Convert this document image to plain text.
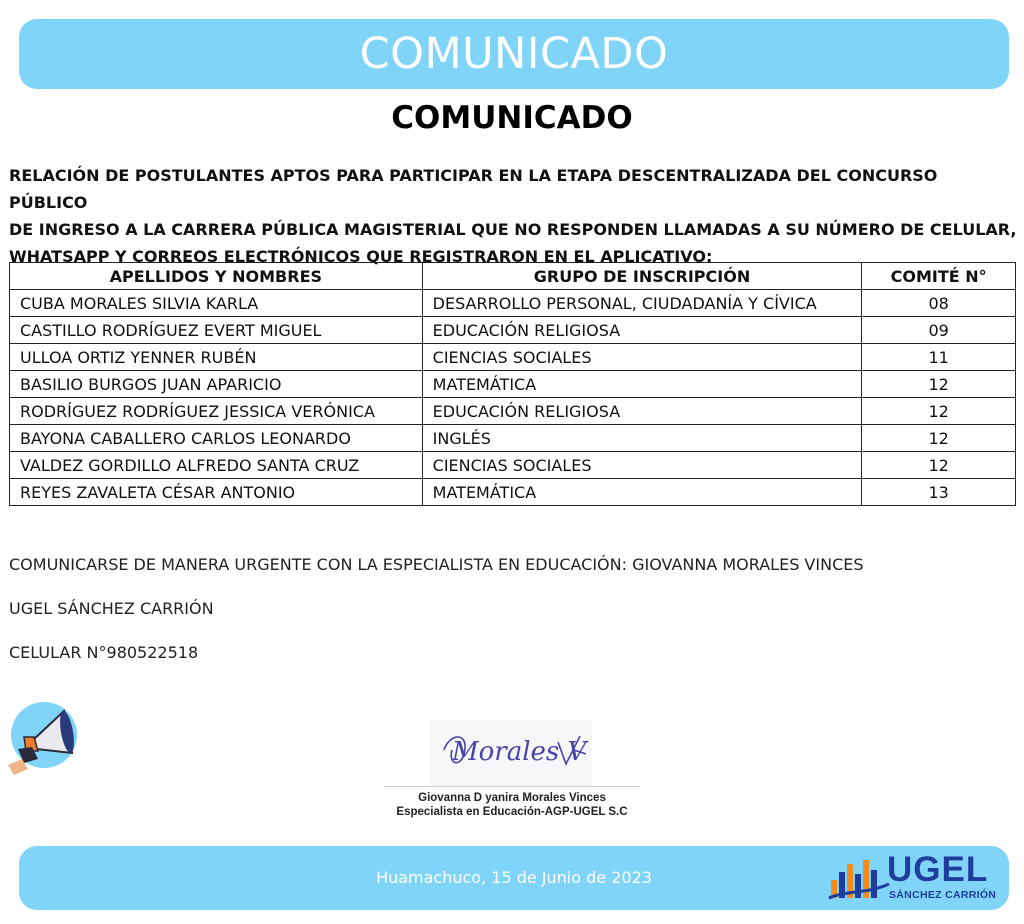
COMUNICADO
COMUNICADO
RELACIÓN DE POSTULANTES APTOS PARA PARTICIPAR EN LA ETAPA DESCENTRALIZADA DEL CONCURSO PÚBLICO
DE INGRESO A LA CARRERA PÚBLICA MAGISTERIAL QUE NO RESPONDEN LLAMADAS A SU NÚMERO DE CELULAR,
WHATSAPP Y CORREOS ELECTRÓNICOS QUE REGISTRARON EN EL APLICATIVO:
APELLIDOS Y NOMBRES	GRUPO DE INSCRIPCIÓN	COMITÉ N°
CUBA MORALES SILVIA KARLA	DESARROLLO PERSONAL, CIUDADANÍA Y CÍVICA	08
CASTILLO RODRÍGUEZ EVERT MIGUEL	EDUCACIÓN RELIGIOSA	09
ULLOA ORTIZ YENNER RUBÉN	CIENCIAS SOCIALES	11
BASILIO BURGOS JUAN APARICIO	MATEMÁTICA	12
RODRÍGUEZ RODRÍGUEZ JESSICA VERÓNICA	EDUCACIÓN RELIGIOSA	12
BAYONA CABALLERO CARLOS LEONARDO	INGLÉS	12
VALDEZ GORDILLO ALFREDO SANTA CRUZ	CIENCIAS SOCIALES	12
REYES ZAVALETA CÉSAR ANTONIO	MATEMÁTICA	13
COMUNICARSE DE MANERA URGENTE CON LA ESPECIALISTA EN EDUCACIÓN: GIOVANNA MORALES VINCES
UGEL SÁNCHEZ CARRIÓN
CELULAR N°980522518
Morales V
Giovanna D yanira Morales Vinces
Especialista en Educación-AGP-UGEL S.C
Huamachuco, 15 de Junio de 2023	UGEL
SÁNCHEZ CARRIÓN
